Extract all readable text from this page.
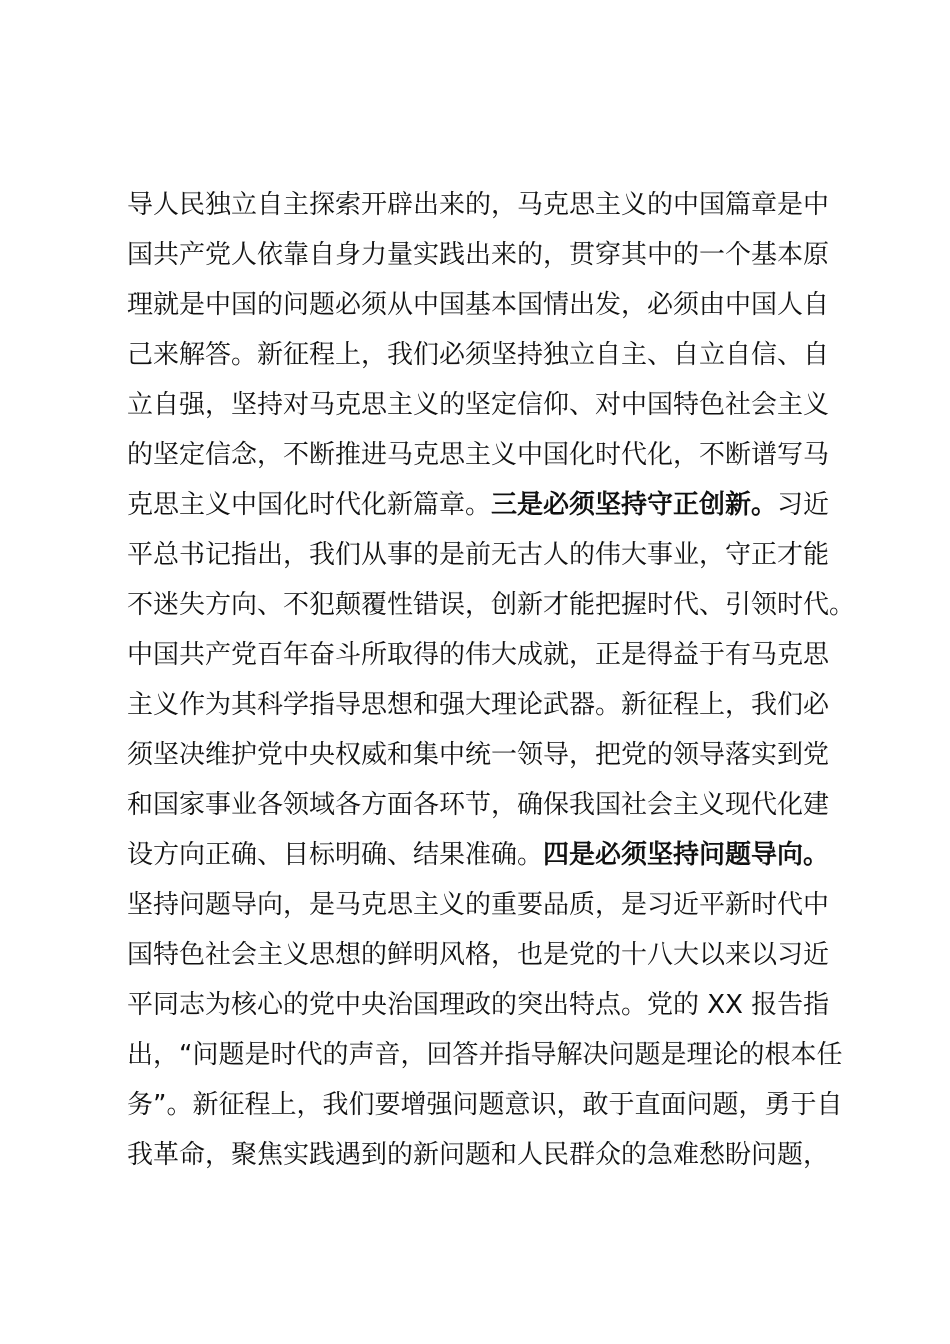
导人民独立自主探索开辟出来的，马克思主义的中国篇章是中
国共产党人依靠自身力量实践出来的，贯穿其中的一个基本原
理就是中国的问题必须从中国基本国情出发，必须由中国人自
己来解答。新征程上，我们必须坚持独立自主、自立自信、自
立自强，坚持对马克思主义的坚定信仰、对中国特色社会主义
的坚定信念，不断推进马克思主义中国化时代化，不断谱写马
克思主义中国化时代化新篇章。三是必须坚持守正创新。习近
平总书记指出，我们从事的是前无古人的伟大事业，守正才能
不迷失方向、不犯颠覆性错误，创新才能把握时代、引领时代。
中国共产党百年奋斗所取得的伟大成就，正是得益于有马克思
主义作为其科学指导思想和强大理论武器。新征程上，我们必
须坚决维护党中央权威和集中统一领导，把党的领导落实到党
和国家事业各领域各方面各环节，确保我国社会主义现代化建
设方向正确、目标明确、结果准确。四是必须坚持问题导向。
坚持问题导向，是马克思主义的重要品质，是习近平新时代中
国特色社会主义思想的鲜明风格，也是党的十八大以来以习近
平同志为核心的党中央治国理政的突出特点。党的 XX 报告指
出，“问题是时代的声音，回答并指导解决问题是理论的根本任
务”。新征程上，我们要增强问题意识，敢于直面问题，勇于自
我革命，聚焦实践遇到的新问题和人民群众的急难愁盼问题，
